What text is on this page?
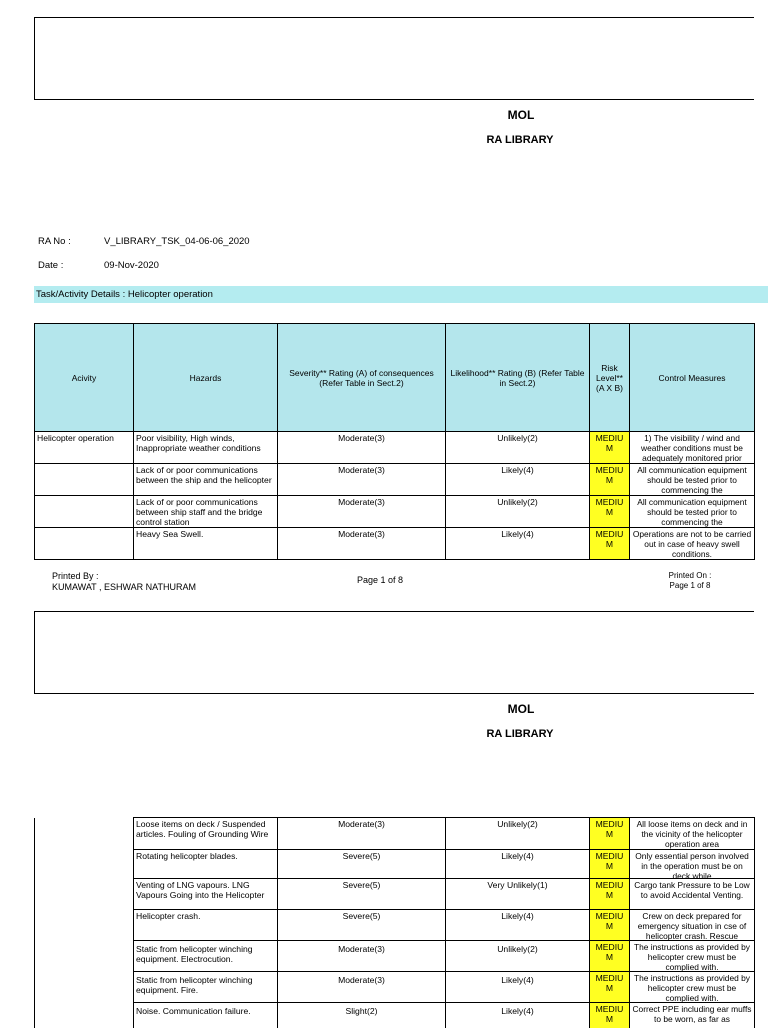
MOL
RA LIBRARY
RA No :	V_LIBRARY_TSK_04-06-06_2020
Date :	09-Nov-2020
Task/Activity Details : Helicopter operation
Acivity	Hazards	Severity** Rating (A) of consequences (Refer Table in Sect.2)	Likelihood** Rating (B) (Refer Table in Sect.2)	Risk Level** (A X B)	Control Measures
Helicopter operation	Poor visibility, High winds, Inappropriate weather conditions	Moderate(3)	Unlikely(2)	MEDIUM	1) The visibility / wind and weather conditions must be adequately monitored prior

	Lack of or poor communications between the ship and the helicopter	Moderate(3)	Likely(4)	MEDIUM	All communication equipment should be tested prior to commencing the

	Lack of or poor communications between ship staff and the bridge control station	Moderate(3)	Unlikely(2)	MEDIUM	All communication equipment should be tested prior to commencing the

	Heavy Sea Swell.	Moderate(3)	Likely(4)	MEDIUM	Operations are not to be carried out in case of heavy swell conditions.
Printed By :
KUMAWAT , ESHWAR NATHURAM
Page 1 of 8	Printed On :
Page 1 of 8
MOL
RA LIBRARY

	Loose items on deck / Suspended articles. Fouling of Grounding Wire	Moderate(3)	Unlikely(2)	MEDIUM	All loose items on deck and in the vicinity of the helicopter operation area

	Rotating helicopter blades.	Severe(5)	Likely(4)	MEDIUM	Only essential person involved in the operation must be on deck while

	Venting of LNG vapours. LNG Vapours Going into the Helicopter	Severe(5)	Very Unlikely(1)	MEDIUM	Cargo tank Pressure to be Low to avoid Accidental Venting.

	Helicopter crash.	Severe(5)	Likely(4)	MEDIUM	Crew on deck prepared for emergency situation in cse of helicopter crash. Rescue

	Static from helicopter winching equipment. Electrocution.	Moderate(3)	Unlikely(2)	MEDIUM	The instructions as provided by helicopter crew must be complied with.

	Static from helicopter winching equipment. Fire.	Moderate(3)	Likely(4)	MEDIUM	The instructions as provided by helicopter crew must be complied with.

	Noise. Communication failure.	Slight(2)	Likely(4)	MEDIUM	Correct PPE including ear muffs to be worn, as far as
